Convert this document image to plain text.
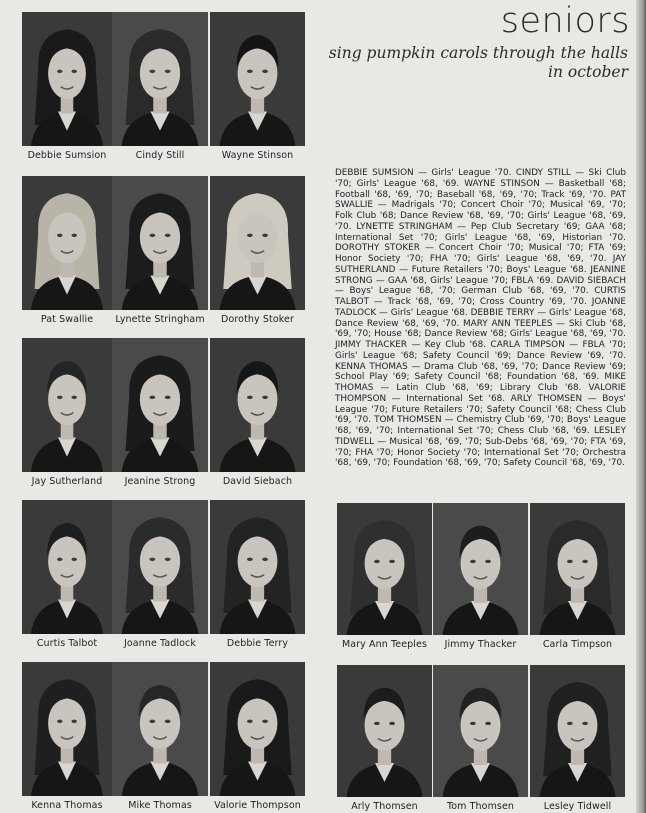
seniors
sing pumpkin carols through the halls in october

DEBBIE SUMSION — Girls' League '70. CINDY STILL — Ski Club '70; Girls' League '68, '69. WAYNE STINSON — Basketball '68; Football '68, '69, '70; Baseball '68, '69, '70; Track '69, '70. PAT SWALLIE — Madrigals '70; Concert Choir '70; Musical '69, '70; Folk Club '68; Dance Review '68, '69, '70; Girls' League '68, '69, '70. LYNETTE STRINGHAM — Pep Club Secretary '69; GAA '68; International Set '70; Girls' League '68, '69, Historian '70. DOROTHY STOKER — Concert Choir '70; Musical '70; FTA '69; Honor Society '70; FHA '70; Girls' League '68, '69, '70. JAY SUTHERLAND — Future Retailers '70; Boys' League '68. JEANINE STRONG — GAA '68, Girls' League '70; FBLA '69. DAVID SIEBACH — Boys' League '68, '70; German Club '68, '69, '70. CURTIS TALBOT — Track '68, '69, '70; Cross Country '69, '70. JOANNE TADLOCK — Girls' League '68. DEBBIE TERRY — Girls' League '68, Dance Review '68, '69, '70. MARY ANN TEEPLES — Ski Club '68, '69, '70; House '68; Dance Review '68; Girls' League '68, '69, '70. JIMMY THACKER — Key Club '68. CARLA TIMPSON — FBLA '70; Girls' League '68; Safety Council '69; Dance Review '69, '70. KENNA THOMAS — Drama Club '68, '69, '70; Dance Review '69; School Play '69; Safety Council '68; Foundation '68, '69. MIKE THOMAS — Latin Club '68, '69; Library Club '68. VALORIE THOMPSON — International Set '68. ARLY THOMSEN — Boys' League '70; Future Retailers '70; Safety Council '68; Chess Club '69, '70. TOM THOMSEN — Chemistry Club '69, '70; Boys' League '68, '69, '70; International Set '70; Chess Club '68, '69. LESLEY TIDWELL — Musical '68, '69, '70; Sub-Debs '68, '69, '70; FTA '69, '70; FHA '70; Honor Society '70; International Set '70; Orchestra '68, '69, '70; Foundation '68, '69, '70; Safety Council '68, '69, '70.

Debbie Sumsion	Cindy Still	Wayne Stinson
Pat Swallie	Lynette Stringham	Dorothy Stoker
Jay Sutherland	Jeanine Strong	David Siebach
Curtis Talbot	Joanne Tadlock	Debbie Terry	Mary Ann Teeples	Jimmy Thacker	Carla Timpson
Kenna Thomas	Mike Thomas	Valorie Thompson	Arly Thomsen	Tom Thomsen	Lesley Tidwell
